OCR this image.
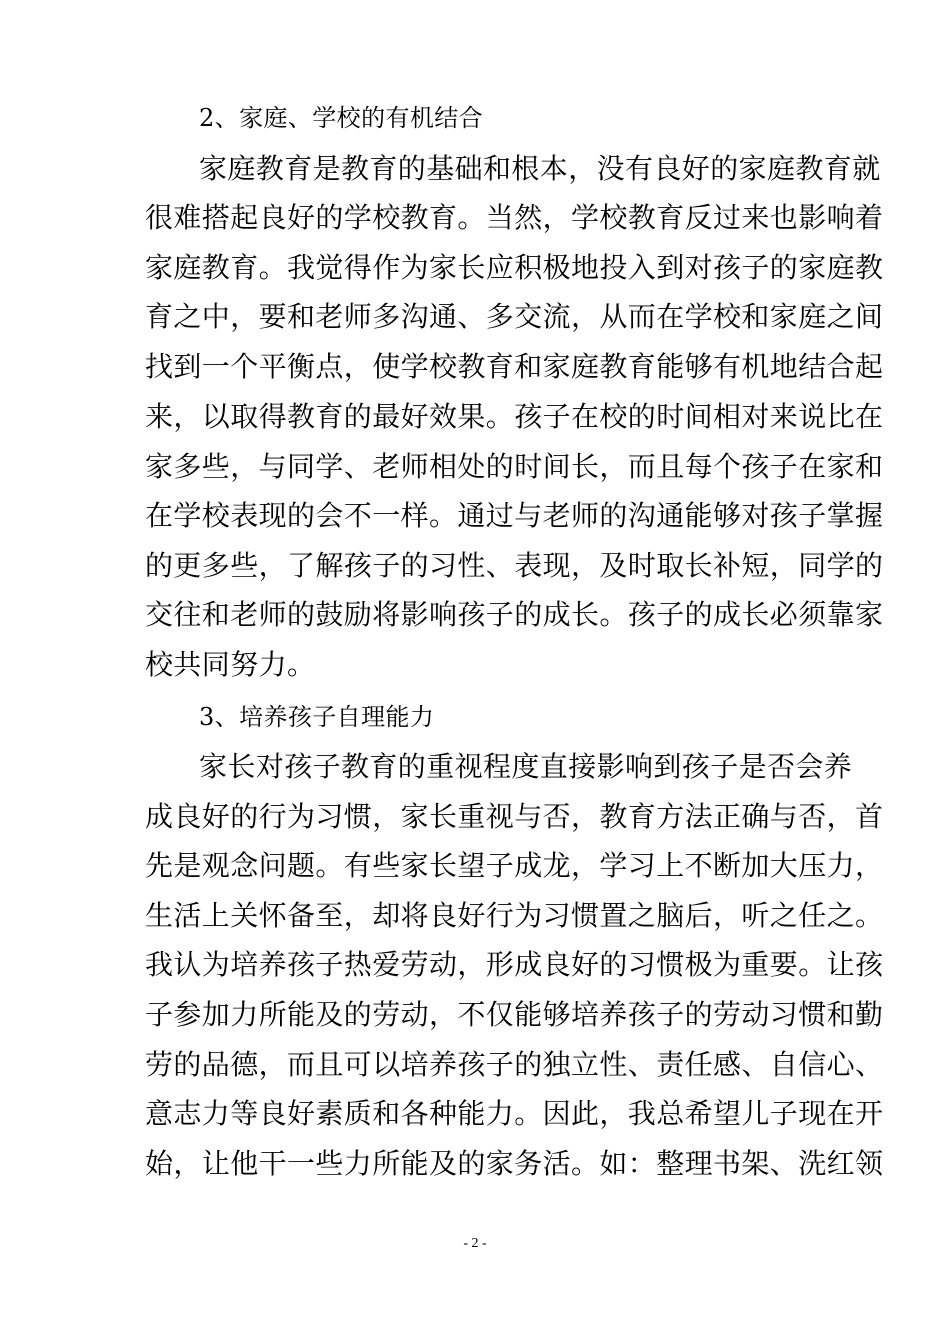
2、家庭、学校的有机结合
家庭教育是教育的基础和根本，没有良好的家庭教育就
很难搭起良好的学校教育。当然，学校教育反过来也影响着
家庭教育。我觉得作为家长应积极地投入到对孩子的家庭教
育之中，要和老师多沟通、多交流，从而在学校和家庭之间
找到一个平衡点，使学校教育和家庭教育能够有机地结合起
来，以取得教育的最好效果。孩子在校的时间相对来说比在
家多些，与同学、老师相处的时间长，而且每个孩子在家和
在学校表现的会不一样。通过与老师的沟通能够对孩子掌握
的更多些，了解孩子的习性、表现，及时取长补短，同学的
交往和老师的鼓励将影响孩子的成长。孩子的成长必须靠家
校共同努力。
3、培养孩子自理能力
家长对孩子教育的重视程度直接影响到孩子是否会养
成良好的行为习惯，家长重视与否，教育方法正确与否，首
先是观念问题。有些家长望子成龙，学习上不断加大压力，
生活上关怀备至，却将良好行为习惯置之脑后，听之任之。
我认为培养孩子热爱劳动，形成良好的习惯极为重要。让孩
子参加力所能及的劳动，不仅能够培养孩子的劳动习惯和勤
劳的品德，而且可以培养孩子的独立性、责任感、自信心、
意志力等良好素质和各种能力。因此，我总希望儿子现在开
始，让他干一些力所能及的家务活。如：整理书架、洗红领
- 2 -
